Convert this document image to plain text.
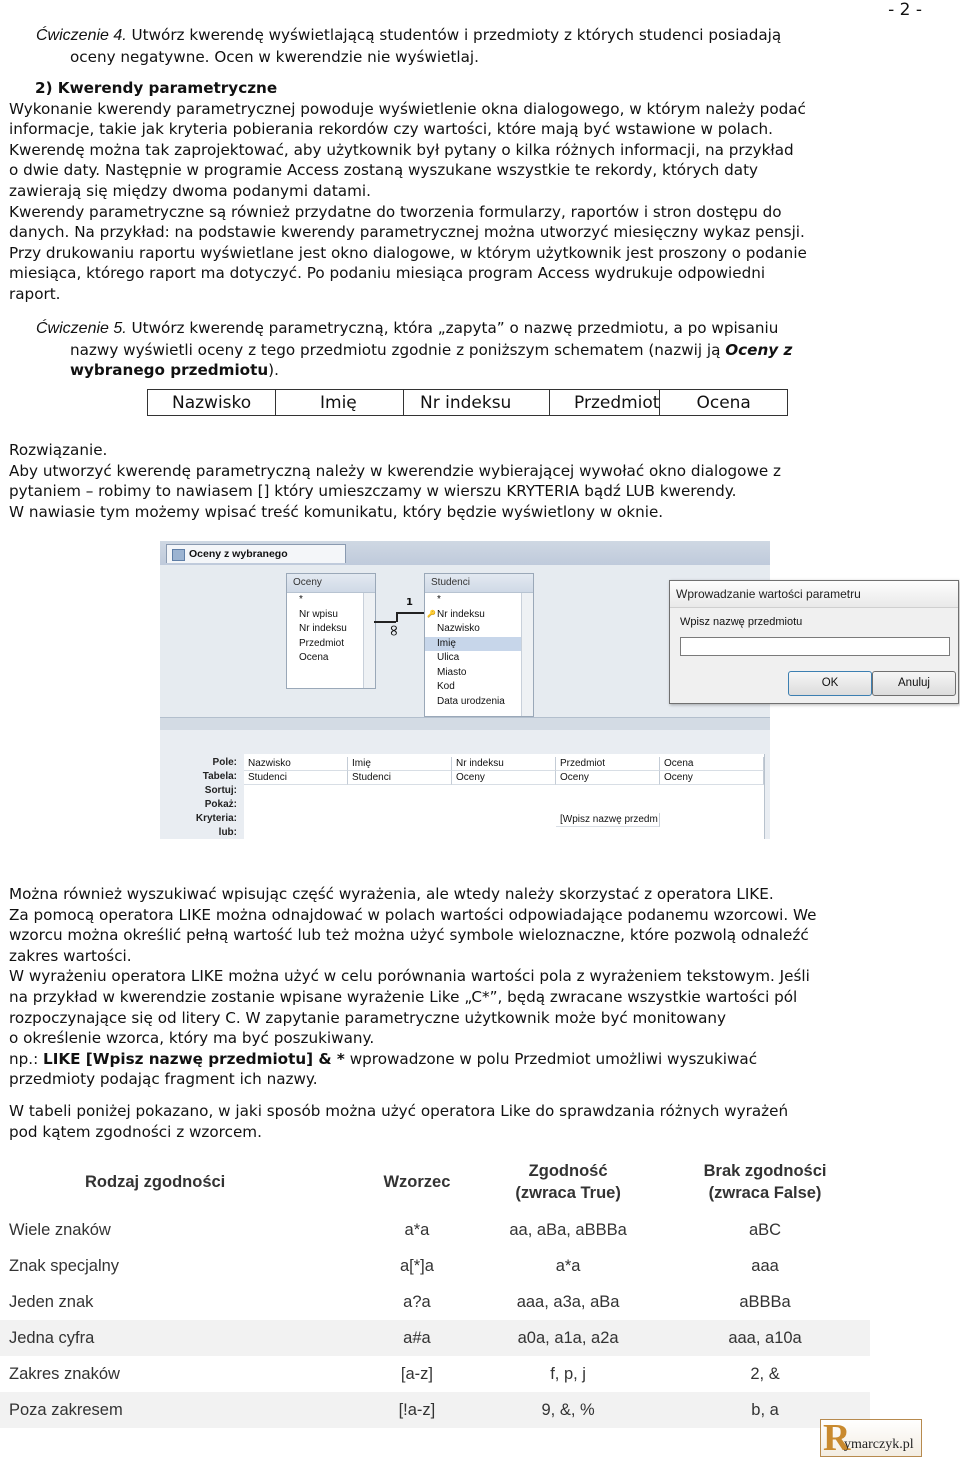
- 2 -
Ćwiczenie 4. Utwórz kwerendę wyświetlającą studentów i przedmioty z których studenci posiadają
oceny negatywne. Ocen w kwerendzie nie wyświetlaj.
2) Kwerendy parametryczne
Wykonanie kwerendy parametrycznej powoduje wyświetlenie okna dialogowego, w którym należy podać
informacje, takie jak kryteria pobierania rekordów czy wartości, które mają być wstawione w polach.
Kwerendę można tak zaprojektować, aby użytkownik był pytany o kilka różnych informacji, na przykład
o dwie daty. Następnie w programie Access zostaną wyszukane wszystkie te rekordy, których daty
zawierają się między dwoma podanymi datami.
Kwerendy parametryczne są również przydatne do tworzenia formularzy, raportów i stron dostępu do
danych. Na przykład: na podstawie kwerendy parametrycznej można utworzyć miesięczny wykaz pensji.
Przy drukowaniu raportu wyświetlane jest okno dialogowe, w którym użytkownik jest proszony o podanie
miesiąca, którego raport ma dotyczyć. Po podaniu miesiąca program Access wydrukuje odpowiedni
raport.
Ćwiczenie 5. Utwórz kwerendę parametryczną, która „zapyta” o nazwę przedmiotu, a po wpisaniu
nazwy wyświetli oceny z tego przedmiotu zgodnie z poniższym schematem (nazwij ją Oceny z
wybranego przedmiotu).
Nazwisko	Imię	Nr indeksu	Przedmiot	Ocena
Rozwiązanie.
Aby utworzyć kwerendę parametryczną należy w kwerendzie wybierającej wywołać okno dialogowe z
pytaniem – robimy to nawiasem [] który umieszczamy w wierszu KRYTERIA bądź LUB kwerendy.
W nawiasie tym możemy wpisać treść komunikatu, który będzie wyświetlony w oknie.
Oceny z wybranego
Oceny
*
Nr wpisu
Nr indeksu
Przedmiot
Ocena
Studenci
*
🔑 Nr indeksu
Nazwisko
Imię
Ulica
Miasto
Kod
Data urodzenia
1
∞
Pole:
Tabela:
Sortuj:
Pokaż:
Kryteria:
lub:
Nazwisko	Imię	Nr indeksu	Przedmiot	Ocena
Studenci	Studenci	Oceny	Oceny	Oceny
[Wpisz nazwę przedm
Wprowadzanie wartości parametru
Wpisz nazwę przedmiotu
OK	Anuluj
Można również wyszukiwać wpisując część wyrażenia, ale wtedy należy skorzystać z operatora LIKE.
Za pomocą operatora LIKE można odnajdować w polach wartości odpowiadające podanemu wzorcowi. We
wzorcu można określić pełną wartość lub też można użyć symbole wieloznaczne, które pozwolą odnaleźć
zakres wartości.
W wyrażeniu operatora LIKE można użyć w celu porównania wartości pola z wyrażeniem tekstowym. Jeśli
na przykład w kwerendzie zostanie wpisane wyrażenie Like „C*”, będą zwracane wszystkie wartości pól
rozpoczynające się od litery C. W zapytanie parametryczne użytkownik może być monitowany
o określenie wzorca, który ma być poszukiwany.
np.: LIKE [Wpisz nazwę przedmiotu] & * wprowadzone w polu Przedmiot umożliwi wyszukiwać
przedmioty podając fragment ich nazwy.
W tabeli poniżej pokazano, w jaki sposób można użyć operatora Like do sprawdzania różnych wyrażeń
pod kątem zgodności z wzorcem.
Rodzaj zgodności	Wzorzec	Zgodność
(zwraca True)	Brak zgodności
(zwraca False)
Wiele znaków	a*a	aa, aBa, aBBBa	aBC
Znak specjalny	a[*]a	a*a	aaa
Jeden znak	a?a	aaa, a3a, aBa	aBBBa
Jedna cyfra	a#a	a0a, a1a, a2a	aaa, a10a
Zakres znaków	[a-z]	f, p, j	2, &
Poza zakresem	[!a-z]	9, &, %	b, a
R
ymarczyk.pl
